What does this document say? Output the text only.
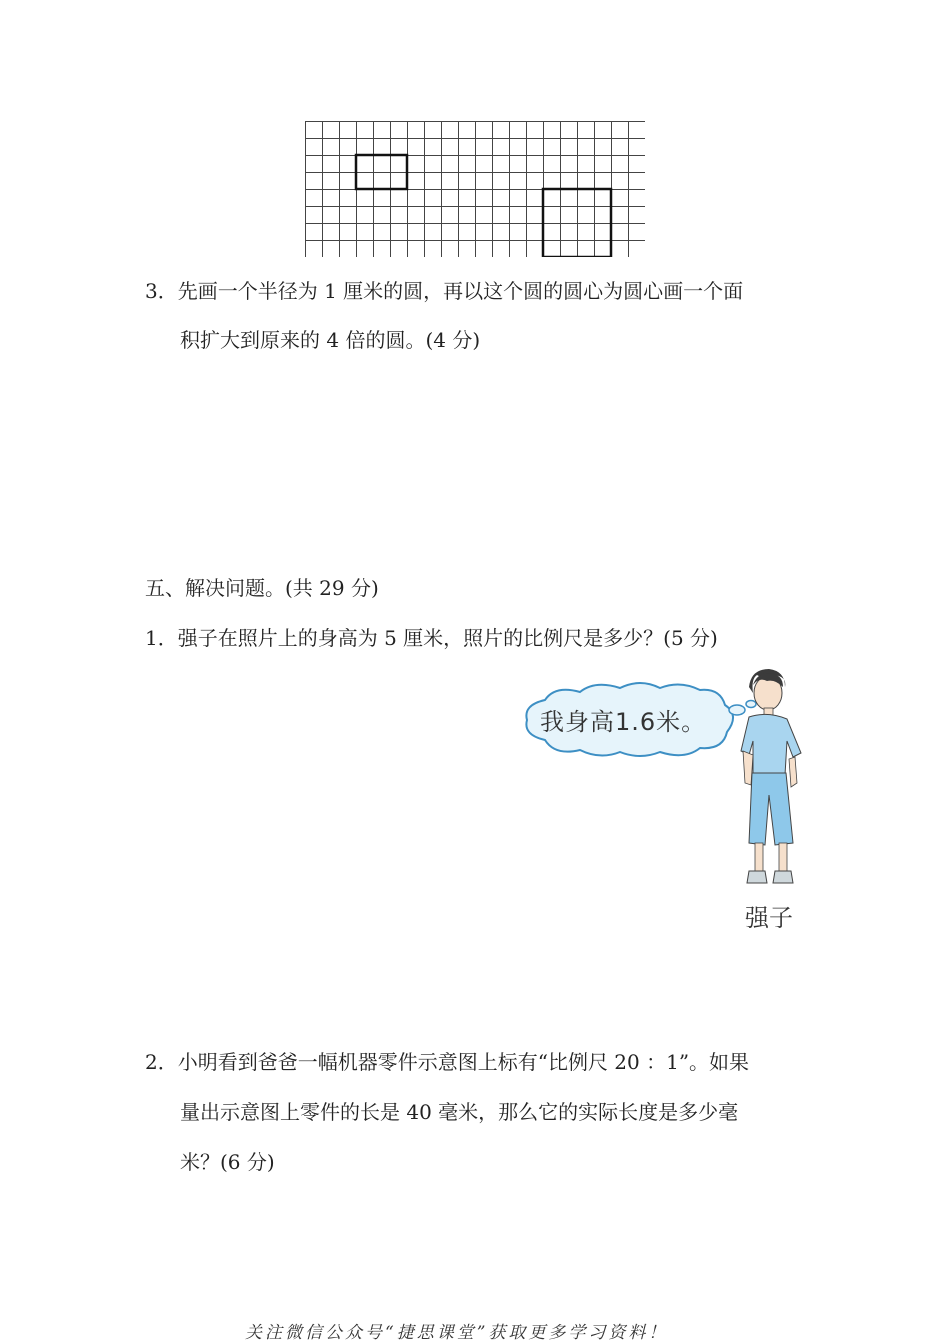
3．先画一个半径为 1 厘米的圆，再以这个圆的圆心为圆心画一个面
积扩大到原来的 4 倍的圆。(4 分)
五、解决问题。(共 29 分)
1．强子在照片上的身高为 5 厘米，照片的比例尺是多少？(5 分)
我身高1.6米。
强子
2．小明看到爸爸一幅机器零件示意图上标有“比例尺 20 ：1”。如果
量出示意图上零件的长是 40 毫米，那么它的实际长度是多少毫
米？(6 分)
关注微信公众号“捷思课堂”获取更多学习资料！
